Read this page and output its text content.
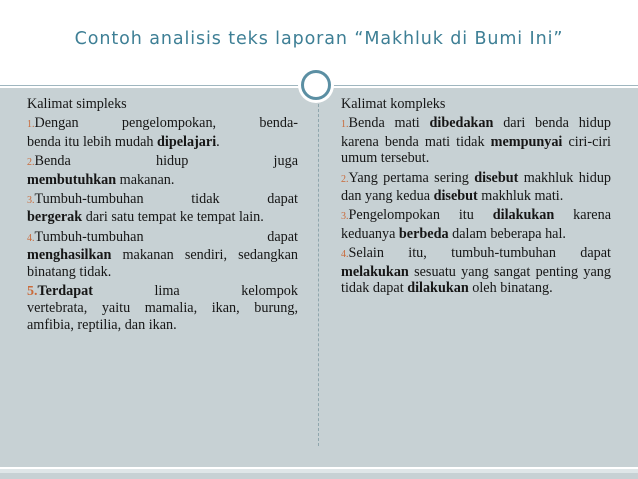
Contoh analisis teks laporan “Makhluk di Bumi Ini”
Kalimat simpleks
1.Dengan pengelompokan, benda-
benda itu lebih mudah dipelajari.
2.Benda hidup juga
membutuhkan makanan.
3.Tumbuh-tumbuhan tidak dapat
bergerak dari satu tempat ke tempat lain.
4.Tumbuh-tumbuhan dapat
menghasilkan makanan sendiri, sedangkan binatang tidak.
5.Terdapat lima kelompok
vertebrata, yaitu mamalia, ikan, burung, amfibia, reptilia, dan ikan.
Kalimat kompleks
1.Benda mati dibedakan dari benda hidup karena benda mati tidak mempunyai ciri-ciri umum tersebut.
2.Yang pertama sering disebut makhluk hidup dan yang kedua disebut makhluk mati.
3.Pengelompokan itu dilakukan karena keduanya berbeda dalam beberapa hal.
4.Selain itu, tumbuh-tumbuhan dapat melakukan sesuatu yang sangat penting yang tidak dapat dilakukan oleh binatang.
